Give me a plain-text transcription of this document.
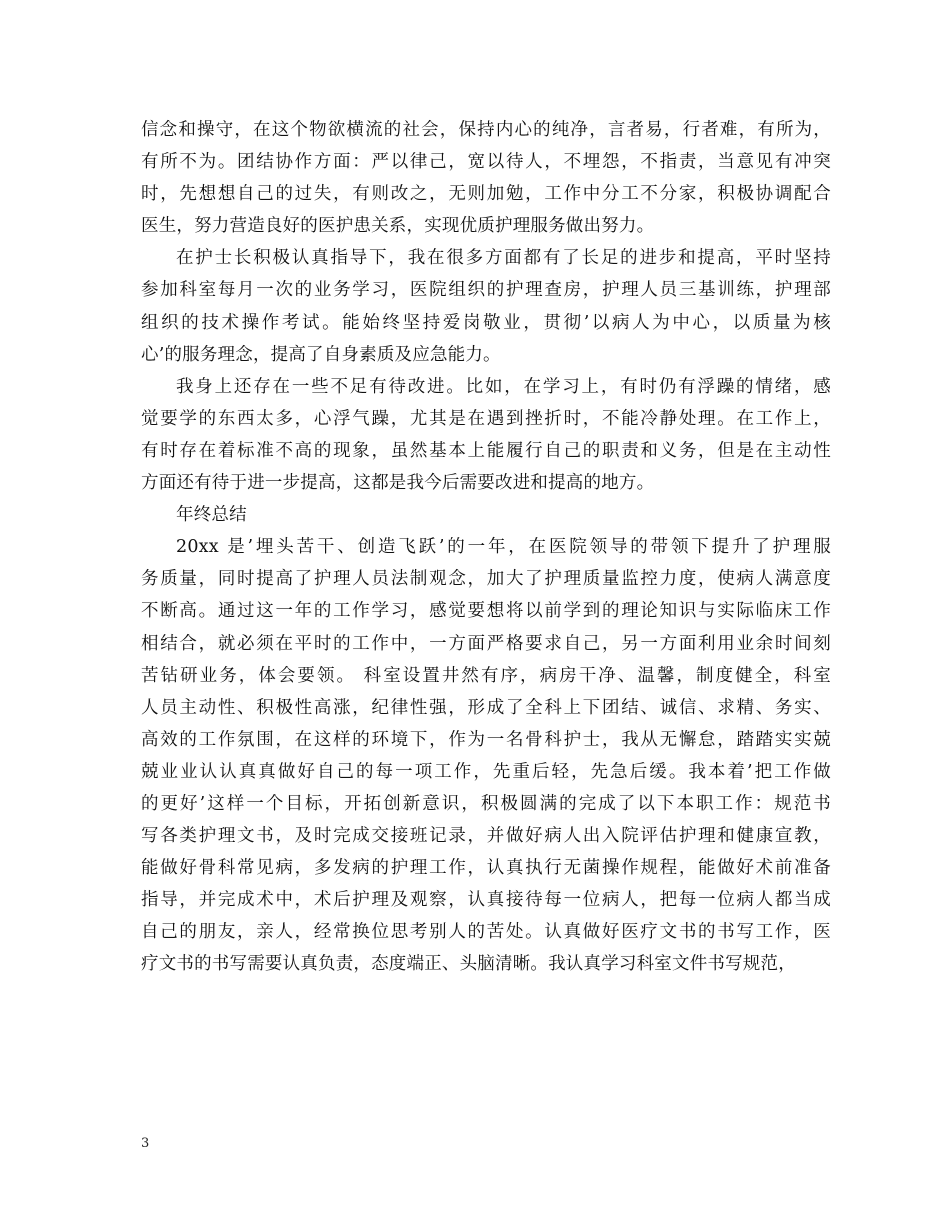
信念和操守，在这个物欲横流的社会，保持内心的纯净，言者易，行者难，有所为，
有所不为。团结协作方面：严以律己，宽以待人，不埋怨，不指责，当意见有冲突
时，先想想自己的过失，有则改之，无则加勉，工作中分工不分家，积极协调配合
医生，努力营造良好的医护患关系，实现优质护理服务做出努力。
在护士长积极认真指导下，我在很多方面都有了长足的进步和提高，平时坚持
参加科室每月一次的业务学习，医院组织的护理查房，护理人员三基训练，护理部
组织的技术操作考试。能始终坚持爱岗敬业，贯彻’以病人为中心，以质量为核
心’的服务理念，提高了自身素质及应急能力。
我身上还存在一些不足有待改进。比如，在学习上，有时仍有浮躁的情绪，感
觉要学的东西太多，心浮气躁，尤其是在遇到挫折时，不能冷静处理。在工作上，
有时存在着标准不高的现象，虽然基本上能履行自己的职责和义务，但是在主动性
方面还有待于进一步提高，这都是我今后需要改进和提高的地方。
年终总结
20xx 是’埋头苦干、创造飞跃’的一年，在医院领导的带领下提升了护理服
务质量，同时提高了护理人员法制观念，加大了护理质量监控力度，使病人满意度
不断高。通过这一年的工作学习，感觉要想将以前学到的理论知识与实际临床工作
相结合，就必须在平时的工作中，一方面严格要求自己，另一方面利用业余时间刻
苦钻研业务，体会要领。 科室设置井然有序，病房干净、温馨，制度健全，科室
人员主动性、积极性高涨，纪律性强，形成了全科上下团结、诚信、求精、务实、
高效的工作氛围，在这样的环境下，作为一名骨科护士，我从无懈怠，踏踏实实兢
兢业业认认真真做好自己的每一项工作，先重后轻，先急后缓。我本着’把工作做
的更好’这样一个目标，开拓创新意识，积极圆满的完成了以下本职工作：规范书
写各类护理文书，及时完成交接班记录，并做好病人出入院评估护理和健康宣教，
能做好骨科常见病，多发病的护理工作，认真执行无菌操作规程，能做好术前准备
指导，并完成术中，术后护理及观察，认真接待每一位病人，把每一位病人都当成
自己的朋友，亲人，经常换位思考别人的苦处。认真做好医疗文书的书写工作，医
疗文书的书写需要认真负责，态度端正、头脑清晰。我认真学习科室文件书写规范，
3
